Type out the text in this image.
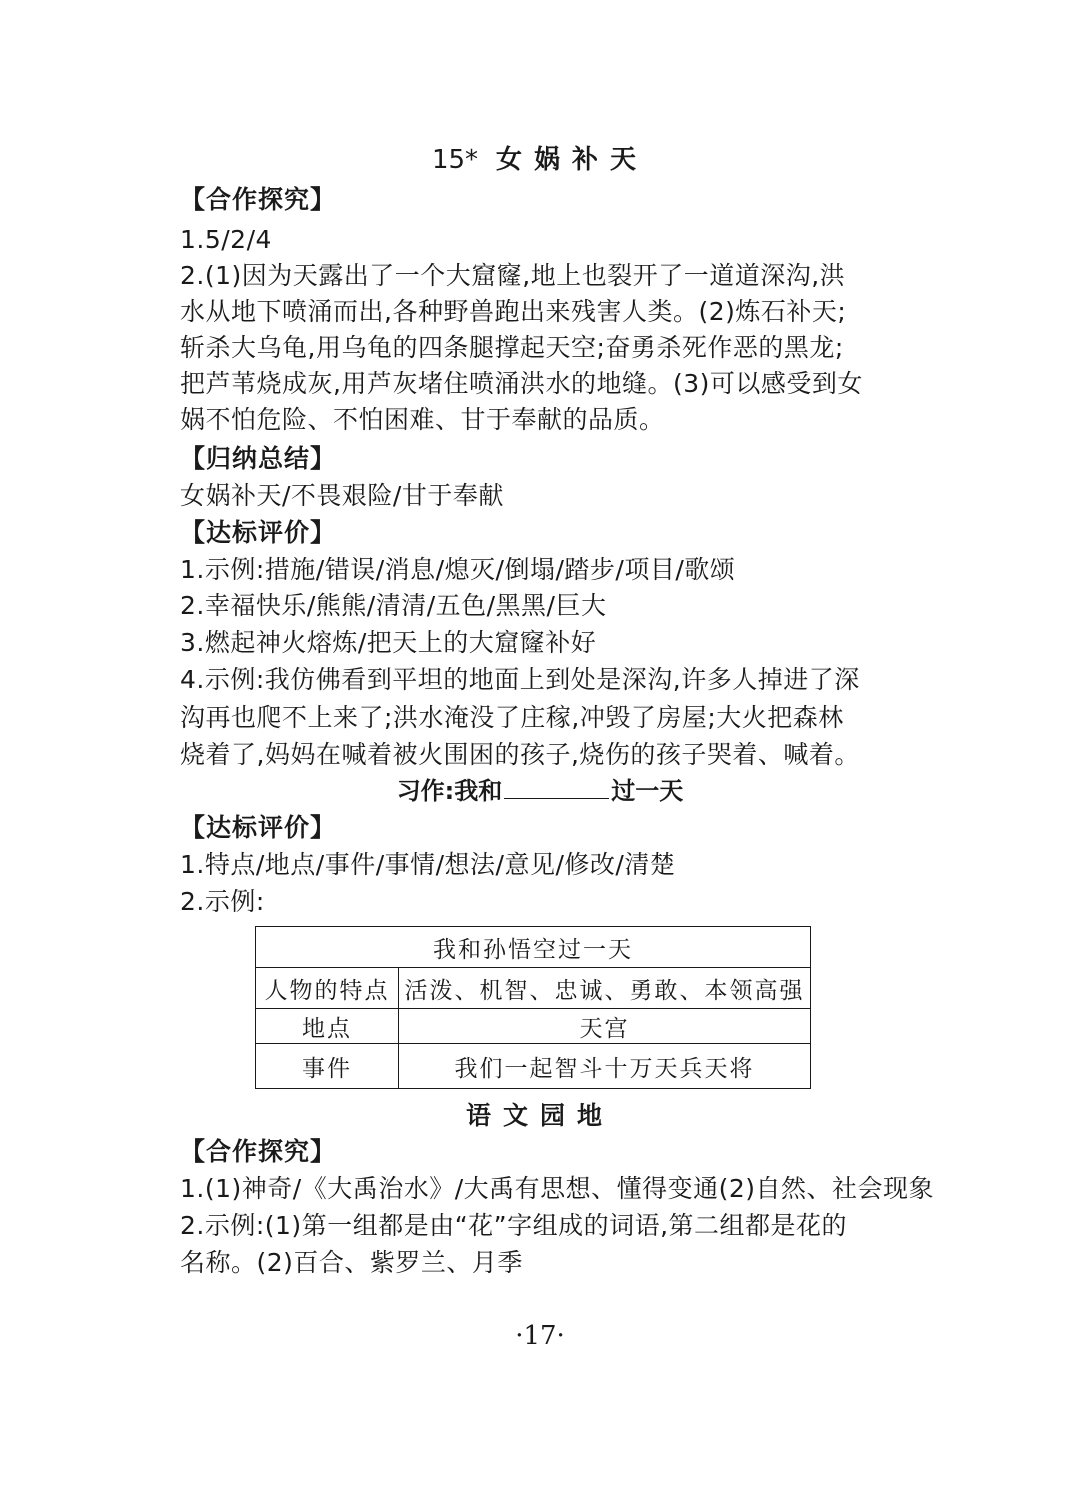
15* 女娲补天
【合作探究】
1.5/2/4
2.(1)因为天露出了一个大窟窿,地上也裂开了一道道深沟,洪
水从地下喷涌而出,各种野兽跑出来残害人类。(2)炼石补天;
斩杀大乌龟,用乌龟的四条腿撑起天空;奋勇杀死作恶的黑龙;
把芦苇烧成灰,用芦灰堵住喷涌洪水的地缝。(3)可以感受到女
娲不怕危险、不怕困难、甘于奉献的品质。
【归纳总结】
女娲补天/不畏艰险/甘于奉献
【达标评价】
1.示例:措施/错误/消息/熄灭/倒塌/踏步/项目/歌颂
2.幸福快乐/熊熊/清清/五色/黑黑/巨大
3.燃起神火熔炼/把天上的大窟窿补好
4.示例:我仿佛看到平坦的地面上到处是深沟,许多人掉进了深
沟再也爬不上来了;洪水淹没了庄稼,冲毁了房屋;大火把森林
烧着了,妈妈在喊着被火围困的孩子,烧伤的孩子哭着、喊着。
习作:我和	过一天
【达标评价】
1.特点/地点/事件/事情/想法/意见/修改/清楚
2.示例:
我和孙悟空过一天	
人物的特点	活泼、机智、忠诚、勇敢、本领高强
地点	天宫
事件	我们一起智斗十万天兵天将
语文园地
【合作探究】
1.(1)神奇/《大禹治水》/大禹有思想、懂得变通(2)自然、社会现象
2.示例:(1)第一组都是由“花”字组成的词语,第二组都是花的
名称。(2)百合、紫罗兰、月季
·17·
